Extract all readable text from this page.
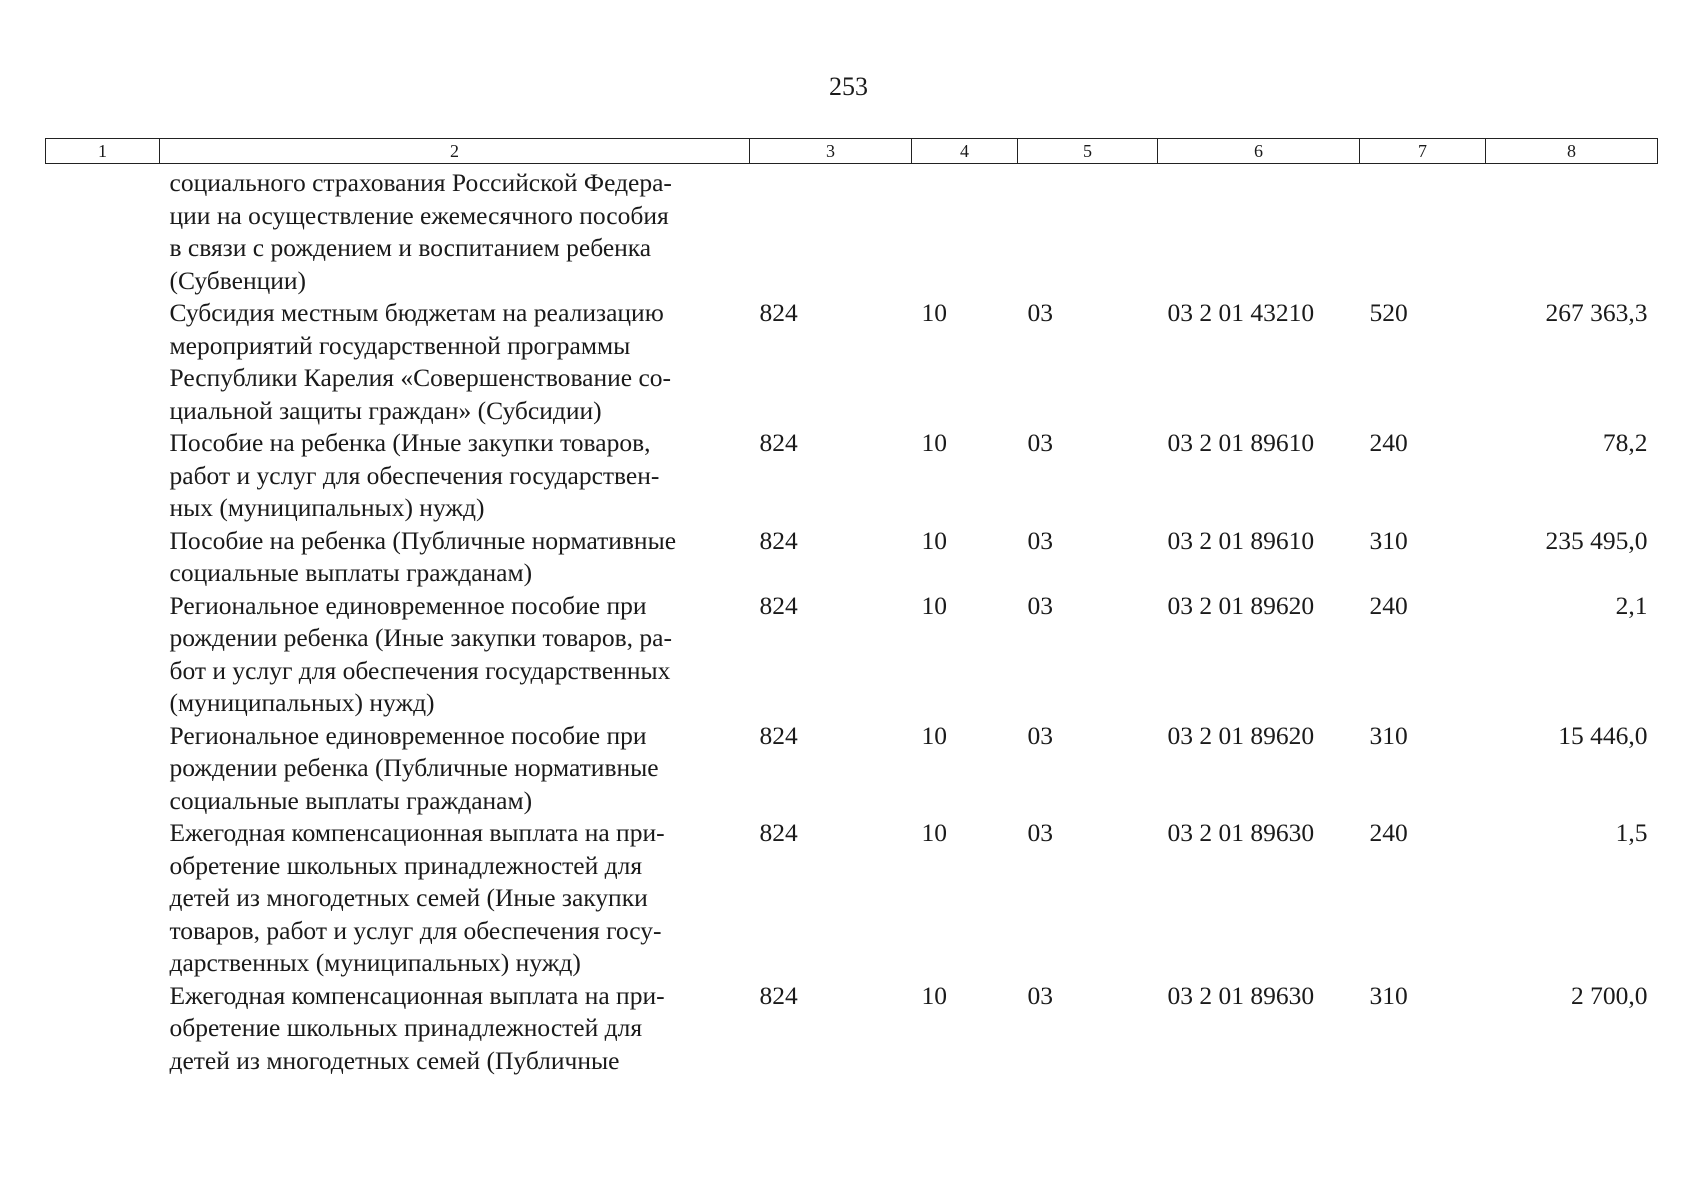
253
1	2	3	4	5	6	7	8
	социального страхования Российской Федера-
ции на осуществление ежемесячного пособия
в связи с рождением и воспитанием ребенка
(Субвенции)						
	Субсидия местным бюджетам на реализацию
мероприятий государственной программы
Республики Карелия «Совершенствование со-
циальной защиты граждан» (Субсидии)	824	10	03	03 2 01 43210	520	267 363,3
	Пособие на ребенка (Иные закупки товаров,
работ и услуг для обеспечения государствен-
ных (муниципальных) нужд)	824	10	03	03 2 01 89610	240	78,2
	Пособие на ребенка (Публичные нормативные
социальные выплаты гражданам)	824	10	03	03 2 01 89610	310	235 495,0
	Региональное единовременное пособие при
рождении ребенка (Иные закупки товаров, ра-
бот и услуг для обеспечения государственных
(муниципальных) нужд)	824	10	03	03 2 01 89620	240	2,1
	Региональное единовременное пособие при
рождении ребенка (Публичные нормативные
социальные выплаты гражданам)	824	10	03	03 2 01 89620	310	15 446,0
	Ежегодная компенсационная выплата на при-
обретение школьных принадлежностей для
детей из многодетных семей (Иные закупки
товаров, работ и услуг для обеспечения госу-
дарственных (муниципальных) нужд)	824	10	03	03 2 01 89630	240	1,5
	Ежегодная компенсационная выплата на при-
обретение школьных принадлежностей для
детей из многодетных семей (Публичные	824	10	03	03 2 01 89630	310	2 700,0
